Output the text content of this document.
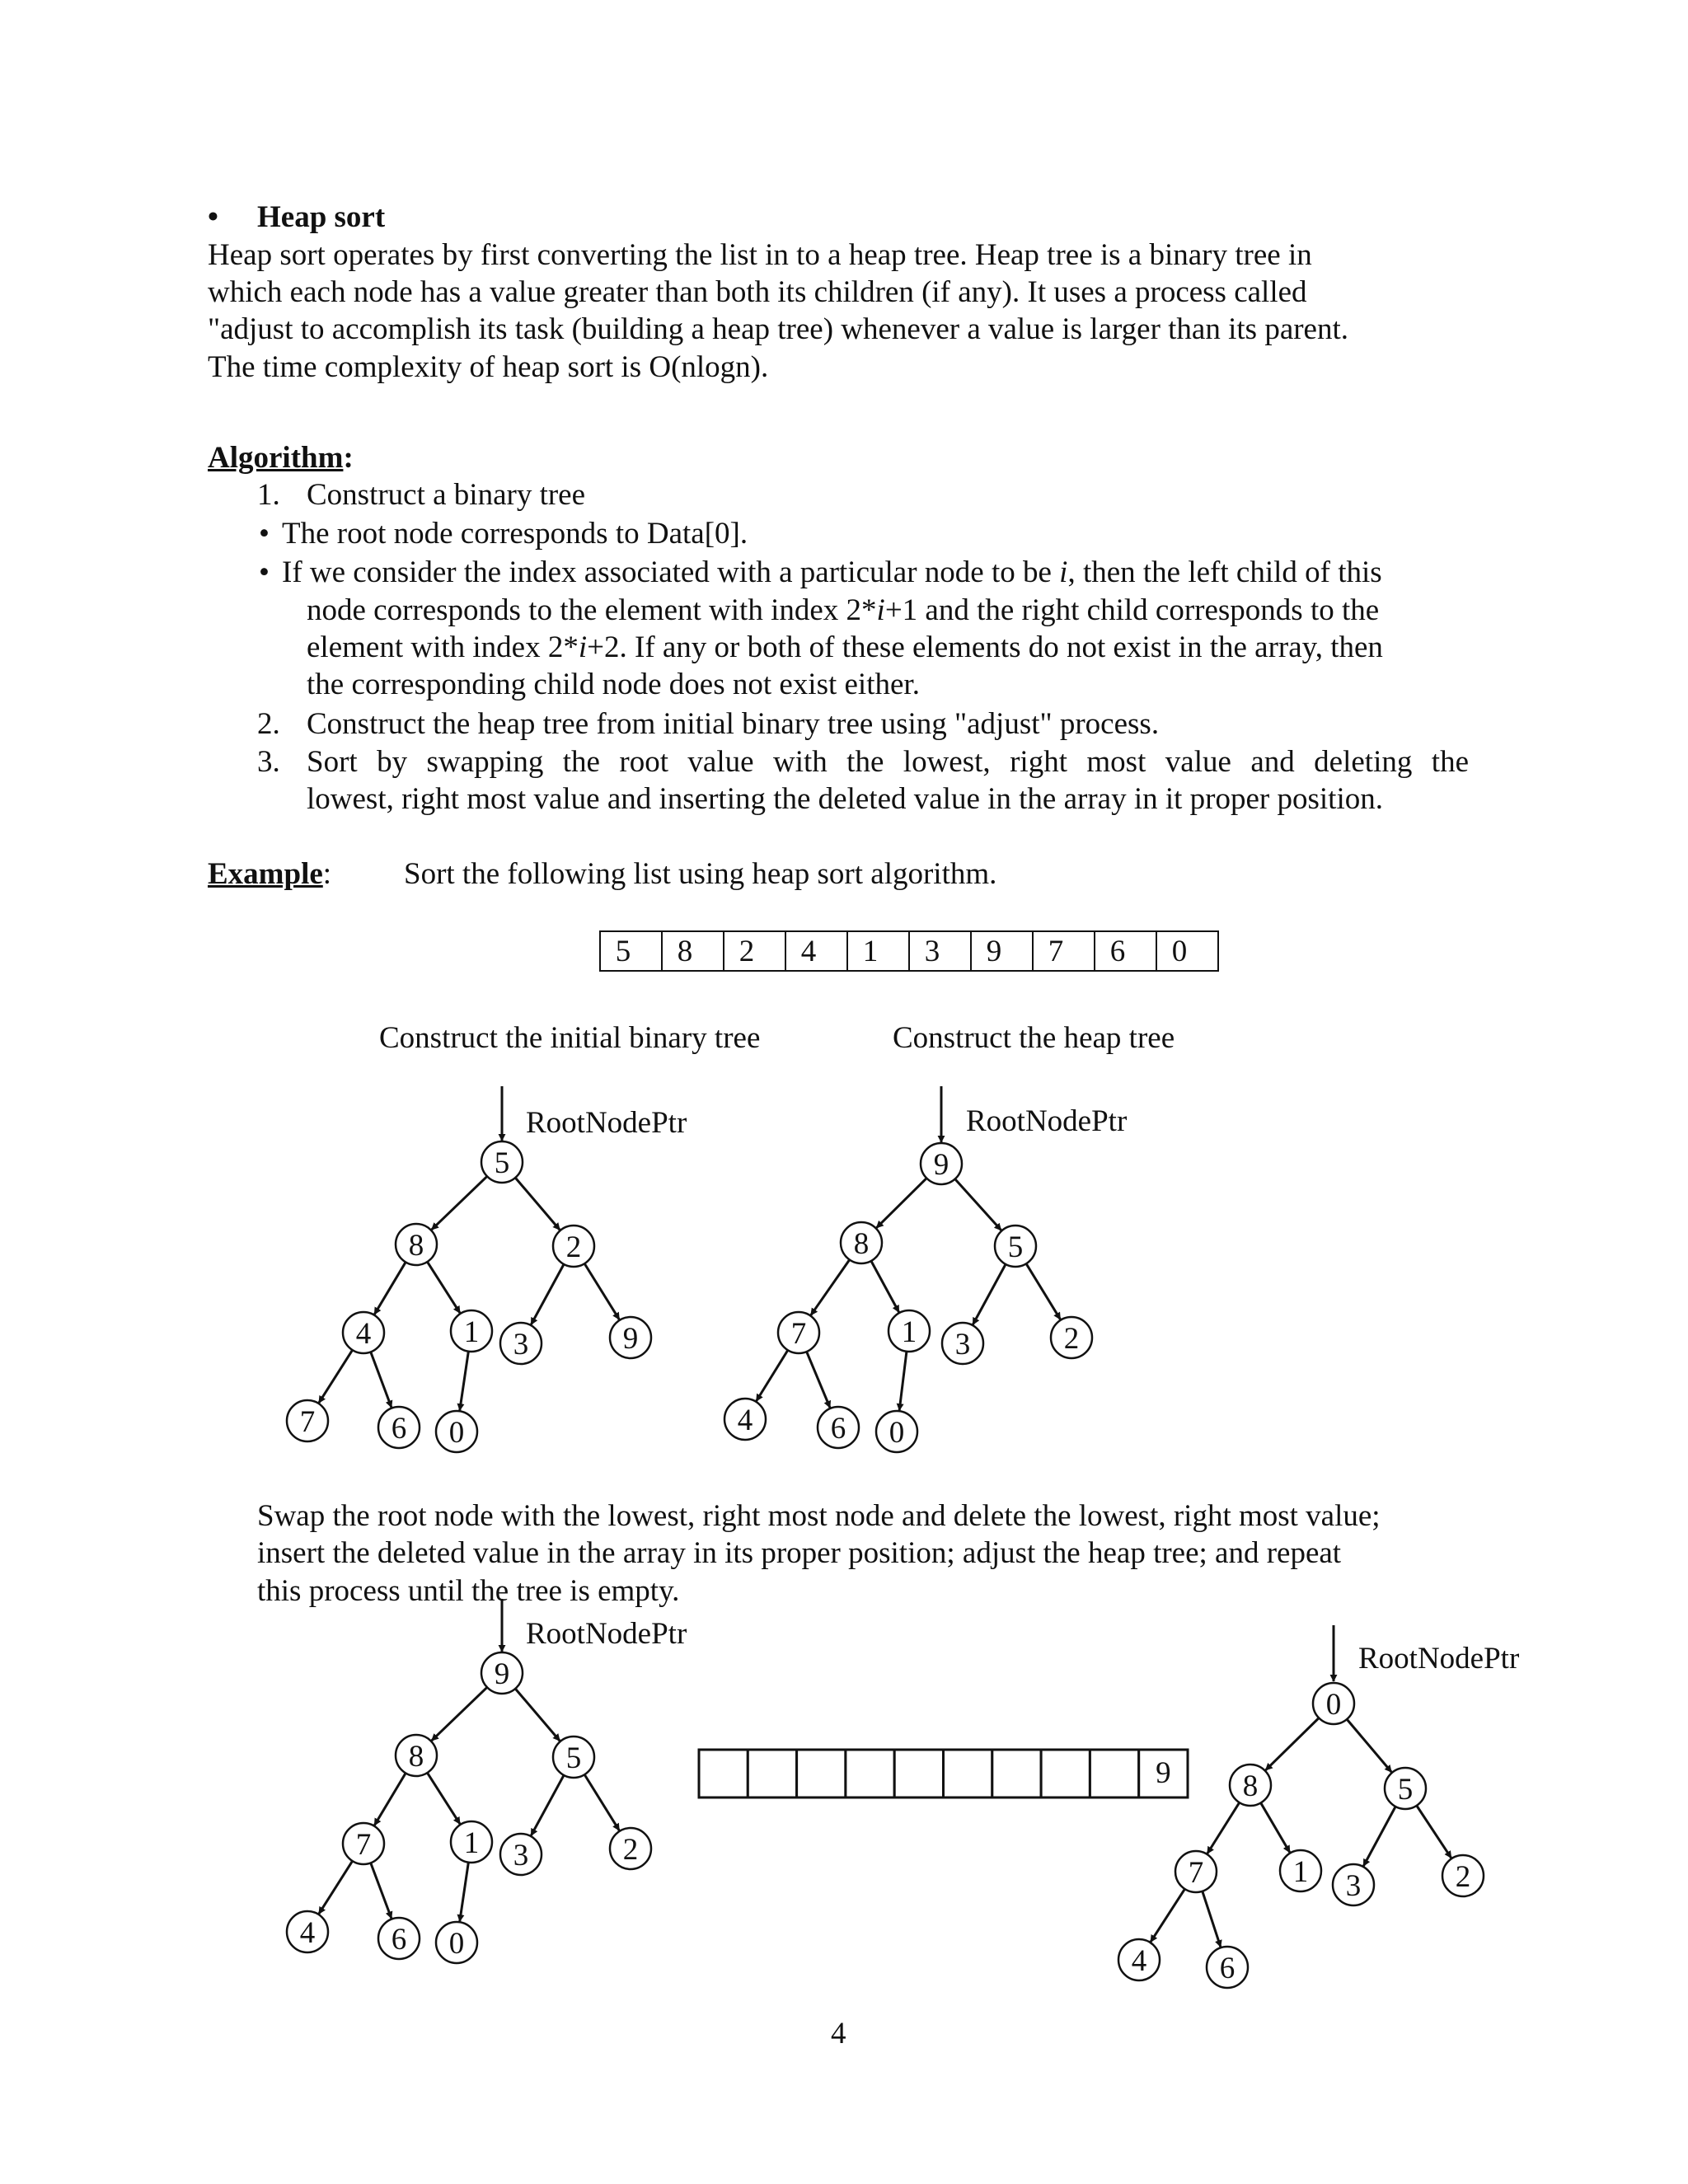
• Heap sort
Heap sort operates by first converting the list in to a heap tree. Heap tree is a binary tree in
which each node has a value greater than both its children (if any). It uses a process called
"adjust to accomplish its task (building a heap tree) whenever a value is larger than its parent.
The time complexity of heap sort is O(nlogn).
Algorithm:
1. Construct a binary tree
• The root node corresponds to Data[0].
• If we consider the index associated with a particular node to be i, then the left child of this
node corresponds to the element with index 2*i+1 and the right child corresponds to the
element with index 2*i+2. If any or both of these elements do not exist in the array, then
the corresponding child node does not exist either.
2. Construct the heap tree from initial binary tree using "adjust" process.
3. Sort by swapping the root value with the lowest, right most value and deleting the
lowest, right most value and inserting the deleted value in the array in it proper position.
Example: Sort the following list using heap sort algorithm.
Construct the initial binary tree	Construct the heap tree
Swap the root node with the lowest, right most node and delete the lowest, right most value;
insert the deleted value in the array in its proper position; adjust the heap tree; and repeat
this process until the tree is empty.
4
RootNodePtr
5
8	2
4	1 3	9
7	6 0
RootNodePtr
9
8	5
7	1 3	2
4	6 0
RootNodePtr
9
8	5
7	1 3	2
4	6 0
RootNodePtr
0
8	5
7	1 3	2
4 6
5 8 2 4 1 3 9 7 6 0
9
